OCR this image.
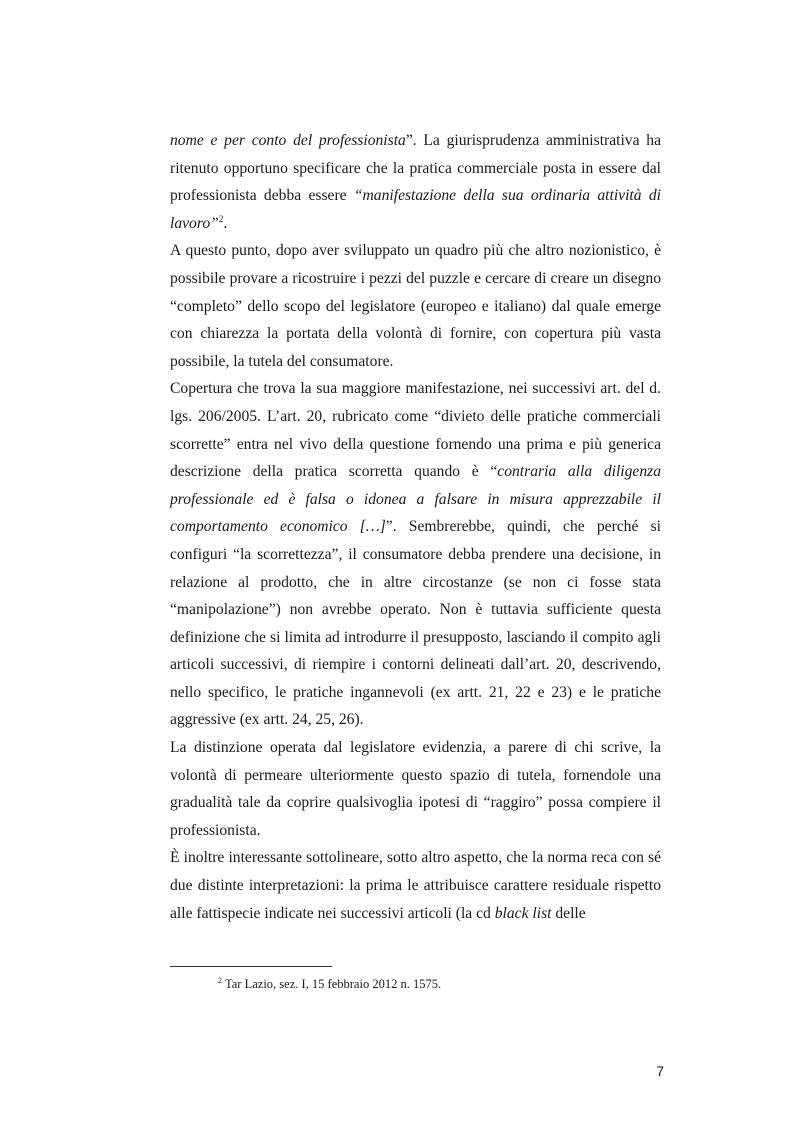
nome e per conto del professionista”. La giurisprudenza amministrativa ha ritenuto opportuno specificare che la pratica commerciale posta in essere dal professionista debba essere “manifestazione della sua ordinaria attività di lavoro”$^2$.

A questo punto, dopo aver sviluppato un quadro più che altro nozionistico, è possibile provare a ricostruire i pezzi del puzzle e cercare di creare un disegno “completo” dello scopo del legislatore (europeo e italiano) dal quale emerge con chiarezza la portata della volontà di fornire, con copertura più vasta possibile, la tutela del consumatore.

Copertura che trova la sua maggiore manifestazione, nei successivi art. del d. lgs. 206/2005. L’art. 20, rubricato come “divieto delle pratiche commerciali scorrette” entra nel vivo della questione fornendo una prima e più generica descrizione della pratica scorretta quando è “contraria alla diligenza professionale ed è falsa o idonea a falsare in misura apprezzabile il comportamento economico […]”. Sembrerebbe, quindi, che perché si configuri “la scorrettezza”, il consumatore debba prendere una decisione, in relazione al prodotto, che in altre circostanze (se non ci fosse stata “manipolazione”) non avrebbe operato. Non è tuttavia sufficiente questa definizione che si limita ad introdurre il presupposto, lasciando il compito agli articoli successivi, di riempire i contorni delineati dall’art. 20, descrivendo, nello specifico, le pratiche ingannevoli (ex artt. 21, 22 e 23) e le pratiche aggressive (ex artt. 24, 25, 26).

La distinzione operata dal legislatore evidenzia, a parere di chi scrive, la volontà di permeare ulteriormente questo spazio di tutela, fornendole una gradualità tale da coprire qualsivoglia ipotesi di “raggiro” possa compiere il professionista.

È inoltre interessante sottolineare, sotto altro aspetto, che la norma reca con sé due distinte interpretazioni: la prima le attribuisce carattere residuale rispetto alle fattispecie indicate nei successivi articoli (la cd black list delle

$^2$ Tar Lazio, sez. I, 15 febbraio 2012 n. 1575.
7
